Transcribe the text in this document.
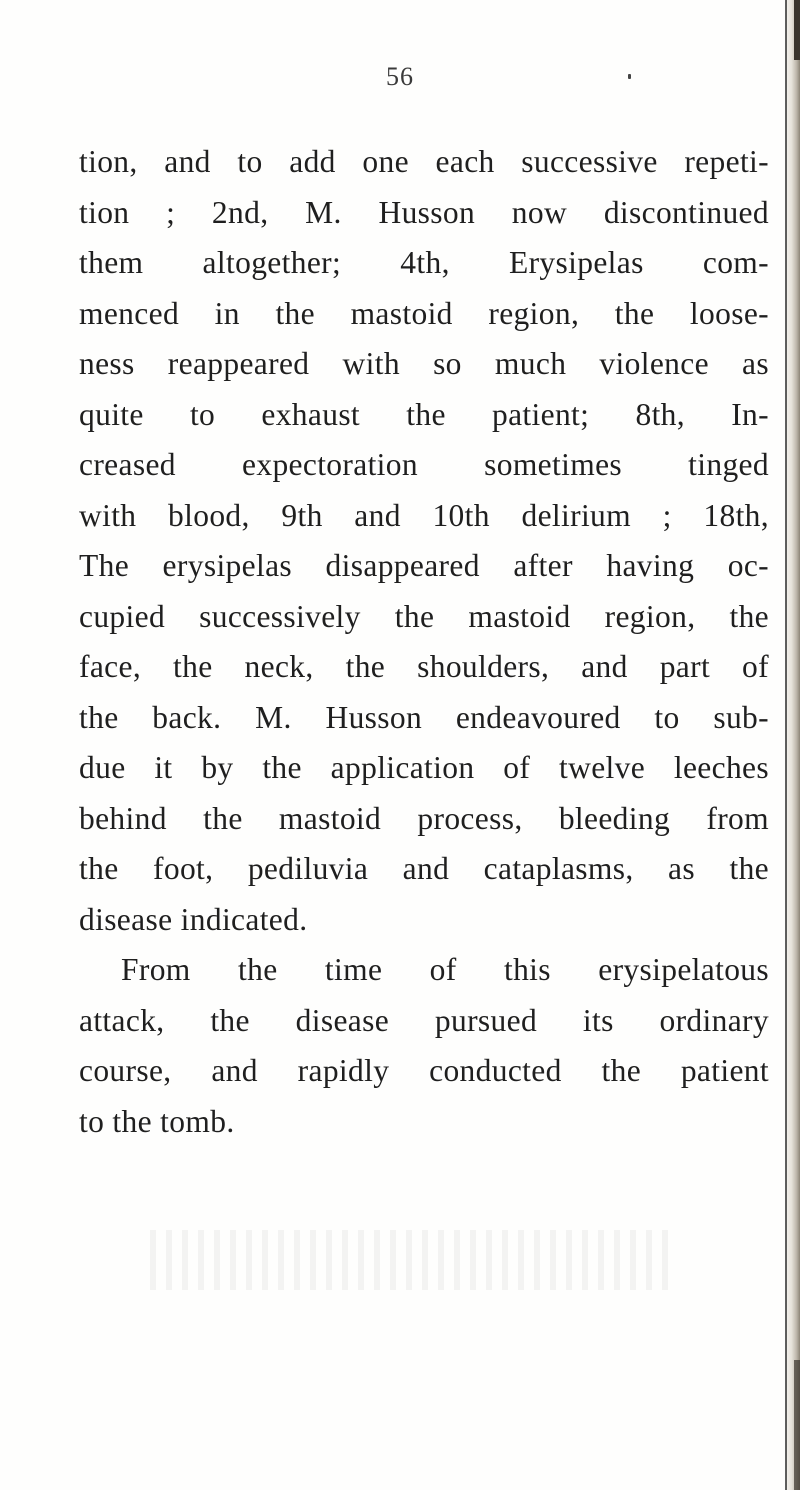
56
tion, and to add one each successive repeti-
tion ; 2nd, M. Husson now discontinued
them altogether; 4th, Erysipelas com-
menced in the mastoid region, the loose-
ness reappeared with so much violence as
quite to exhaust the patient; 8th, In-
creased expectoration sometimes tinged
with blood, 9th and 10th delirium ; 18th,
The erysipelas disappeared after having oc-
cupied successively the mastoid region, the
face, the neck, the shoulders, and part of
the back. M. Husson endeavoured to sub-
due it by the application of twelve leeches
behind the mastoid process, bleeding from
the foot, pediluvia and cataplasms, as the
disease indicated.
From the time of this erysipelatous
attack, the disease pursued its ordinary
course, and rapidly conducted the patient
to the tomb.
